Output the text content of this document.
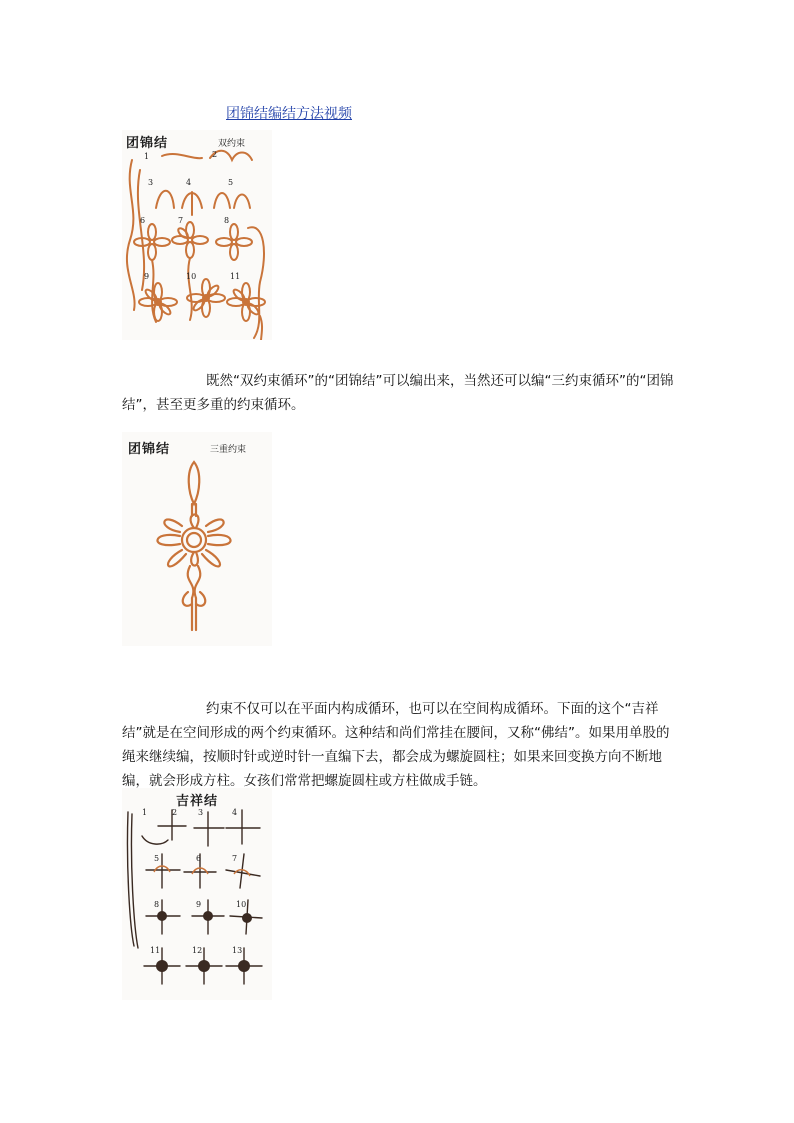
团锦结编结方法视频
团锦结	双约束
1	2
3	4	5
6	7	8
9	10	11

既然“双约束循环”的“团锦结”可以编出来，当然还可以编“三约束循环”的“团锦结”，甚至更多重的约束循环。

团锦结	三重约束

约束不仅可以在平面内构成循环，也可以在空间构成循环。下面的这个“吉祥结”就是在空间形成的两个约束循环。这种结和尚们常挂在腰间，又称“佛结”。如果用单股的绳来继续编，按顺时针或逆时针一直编下去，都会成为螺旋圆柱；如果来回变换方向不断地编，就会形成方柱。女孩们常常把螺旋圆柱或方柱做成手链。

吉祥结
1	2	3	4
5	6	7
8	9	10
11	12	13
